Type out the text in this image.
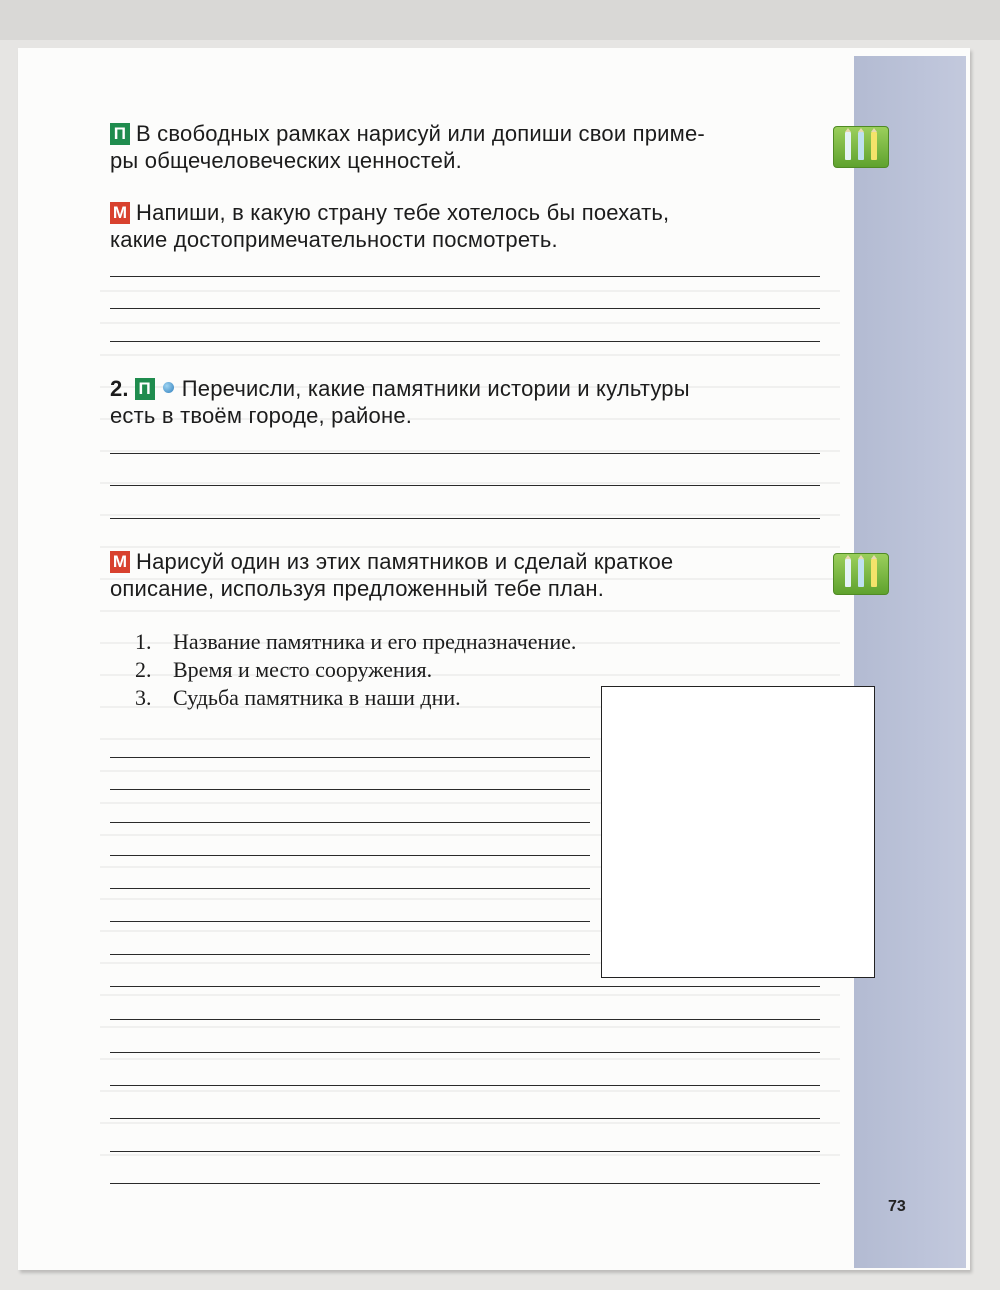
П В свободных рамках нарисуй или допиши свои приме-
ры общечеловеческих ценностей.
М Напиши, в какую страну тебе хотелось бы поехать,
какие достопримечательности посмотреть.
2. П Перечисли, какие памятники истории и культуры
есть в твоём городе, районе.
М Нарисуй один из этих памятников и сделай краткое
описание, используя предложенный тебе план.
1. Название памятника и его предназначение.
2. Время и место сооружения.
3. Судьба памятника в наши дни.
73
